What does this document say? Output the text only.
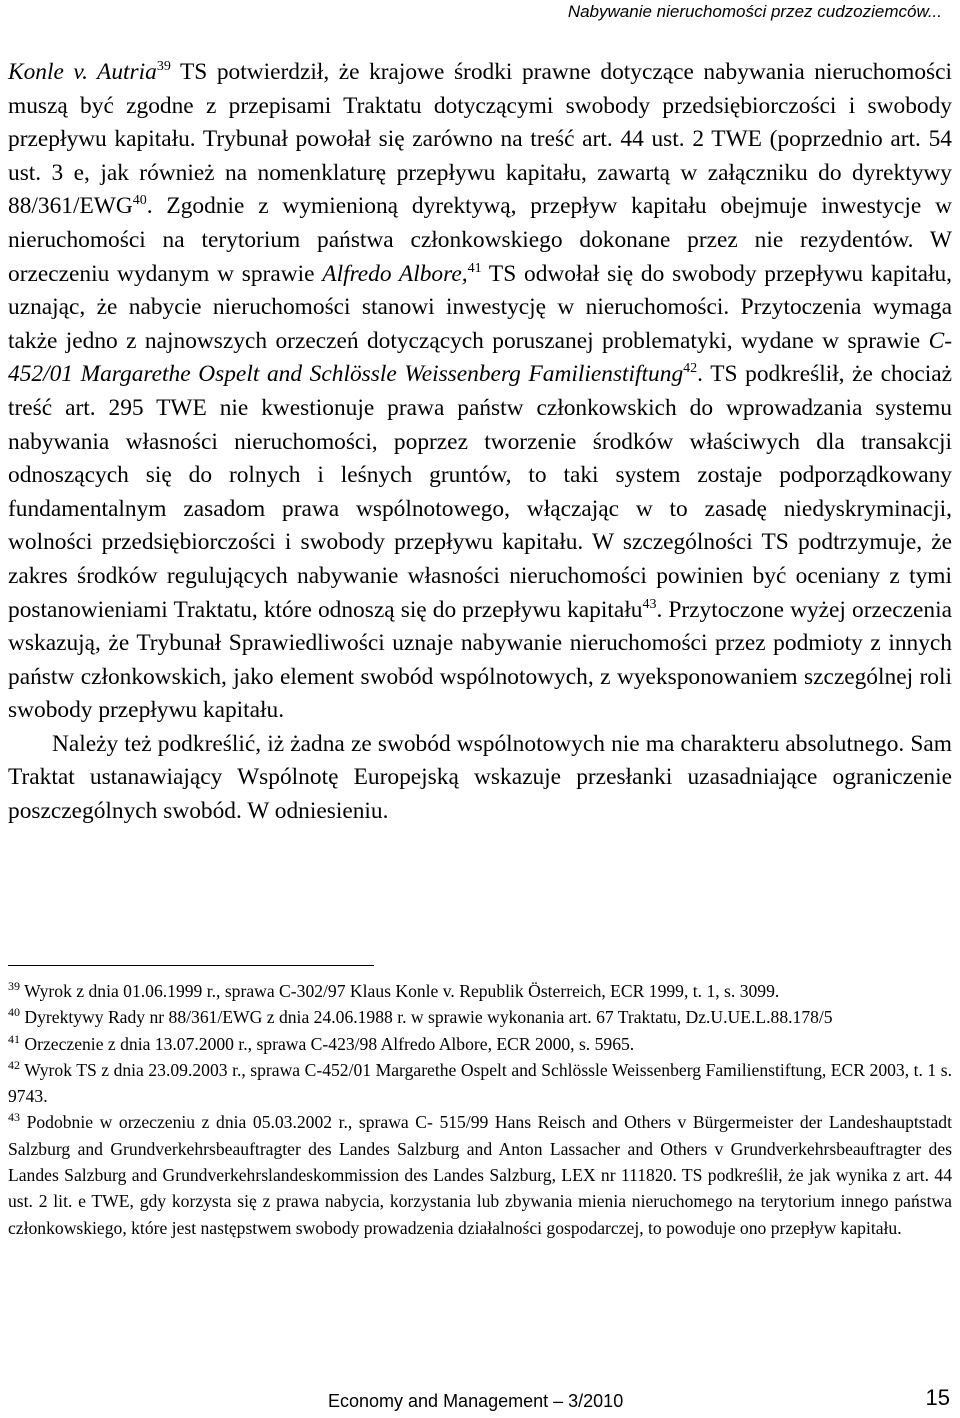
Nabywanie nieruchomości przez cudzoziemców...

Konle v. Autria$^{39}$ TS potwierdził, że krajowe środki prawne dotyczące nabywania nieruchomości muszą być zgodne z przepisami Traktatu dotyczącymi swobody przedsiębiorczości i swobody przepływu kapitału. Trybunał powołał się zarówno na treść art. 44 ust. 2 TWE (poprzednio art. 54 ust. 3 e, jak również na nomenklaturę przepływu kapitału, zawartą w załączniku do dyrektywy 88/361/EWG$^{40}$. Zgodnie z wymienioną dyrektywą, przepływ kapitału obejmuje inwestycje w nieruchomości na terytorium państwa członkowskiego dokonane przez nie rezydentów. W orzeczeniu wydanym w sprawie Alfredo Albore,$^{41}$ TS odwołał się do swobody przepływu kapitału, uznając, że nabycie nieruchomości stanowi inwestycję w nieruchomości. Przytoczenia wymaga także jedno z najnowszych orzeczeń dotyczących poruszanej problematyki, wydane w sprawie C-452/01 Margarethe Ospelt and Schlössle Weissenberg Familienstiftung$^{42}$. TS podkreślił, że chociaż treść art. 295 TWE nie kwestionuje prawa państw członkowskich do wprowadzania systemu nabywania własności nieruchomości, poprzez tworzenie środków właściwych dla transakcji odnoszących się do rolnych i leśnych gruntów, to taki system zostaje podporządkowany fundamentalnym zasadom prawa wspólnotowego, włączając w to zasadę niedyskryminacji, wolności przedsiębiorczości i swobody przepływu kapitału. W szczególności TS podtrzymuje, że zakres środków regulujących nabywanie własności nieruchomości powinien być oceniany z tymi postanowieniami Traktatu, które odnoszą się do przepływu kapitału$^{43}$. Przytoczone wyżej orzeczenia wskazują, że Trybunał Sprawiedliwości uznaje nabywanie nieruchomości przez podmioty z innych państw członkowskich, jako element swobód wspólnotowych, z wyeksponowaniem szczególnej roli swobody przepływu kapitału.

Należy też podkreślić, iż żadna ze swobód wspólnotowych nie ma charakteru absolutnego. Sam Traktat ustanawiający Wspólnotę Europejską wskazuje przesłanki uzasadniające ograniczenie poszczególnych swobód. W odniesieniu.

$^{39}$ Wyrok z dnia 01.06.1999 r., sprawa C-302/97 Klaus Konle v. Republik Österreich, ECR 1999, t. 1, s. 3099.

$^{40}$ Dyrektywy Rady nr 88/361/EWG z dnia 24.06.1988 r. w sprawie wykonania art. 67 Traktatu, Dz.U.UE.L.88.178/5

$^{41}$ Orzeczenie z dnia 13.07.2000 r., sprawa C-423/98 Alfredo Albore, ECR 2000, s. 5965.

$^{42}$ Wyrok TS z dnia 23.09.2003 r., sprawa C-452/01 Margarethe Ospelt and Schlössle Weissenberg Familienstiftung, ECR 2003, t. 1 s. 9743.

$^{43}$ Podobnie w orzeczeniu z dnia 05.03.2002 r., sprawa C- 515/99 Hans Reisch and Others v Bürgermeister der Landeshauptstadt Salzburg and Grundverkehrsbeauftragter des Landes Salzburg and Anton Lassacher and Others v Grundverkehrsbeauftragter des Landes Salzburg and Grundverkehrslandeskommission des Landes Salzburg, LEX nr 111820. TS podkreślił, że jak wynika z art. 44 ust. 2 lit. e TWE, gdy korzysta się z prawa nabycia, korzystania lub zbywania mienia nieruchomego na terytorium innego państwa członkowskiego, które jest następstwem swobody prowadzenia działalności gospodarczej, to powoduje ono przepływ kapitału.

Economy and Management – 3/2010	15
